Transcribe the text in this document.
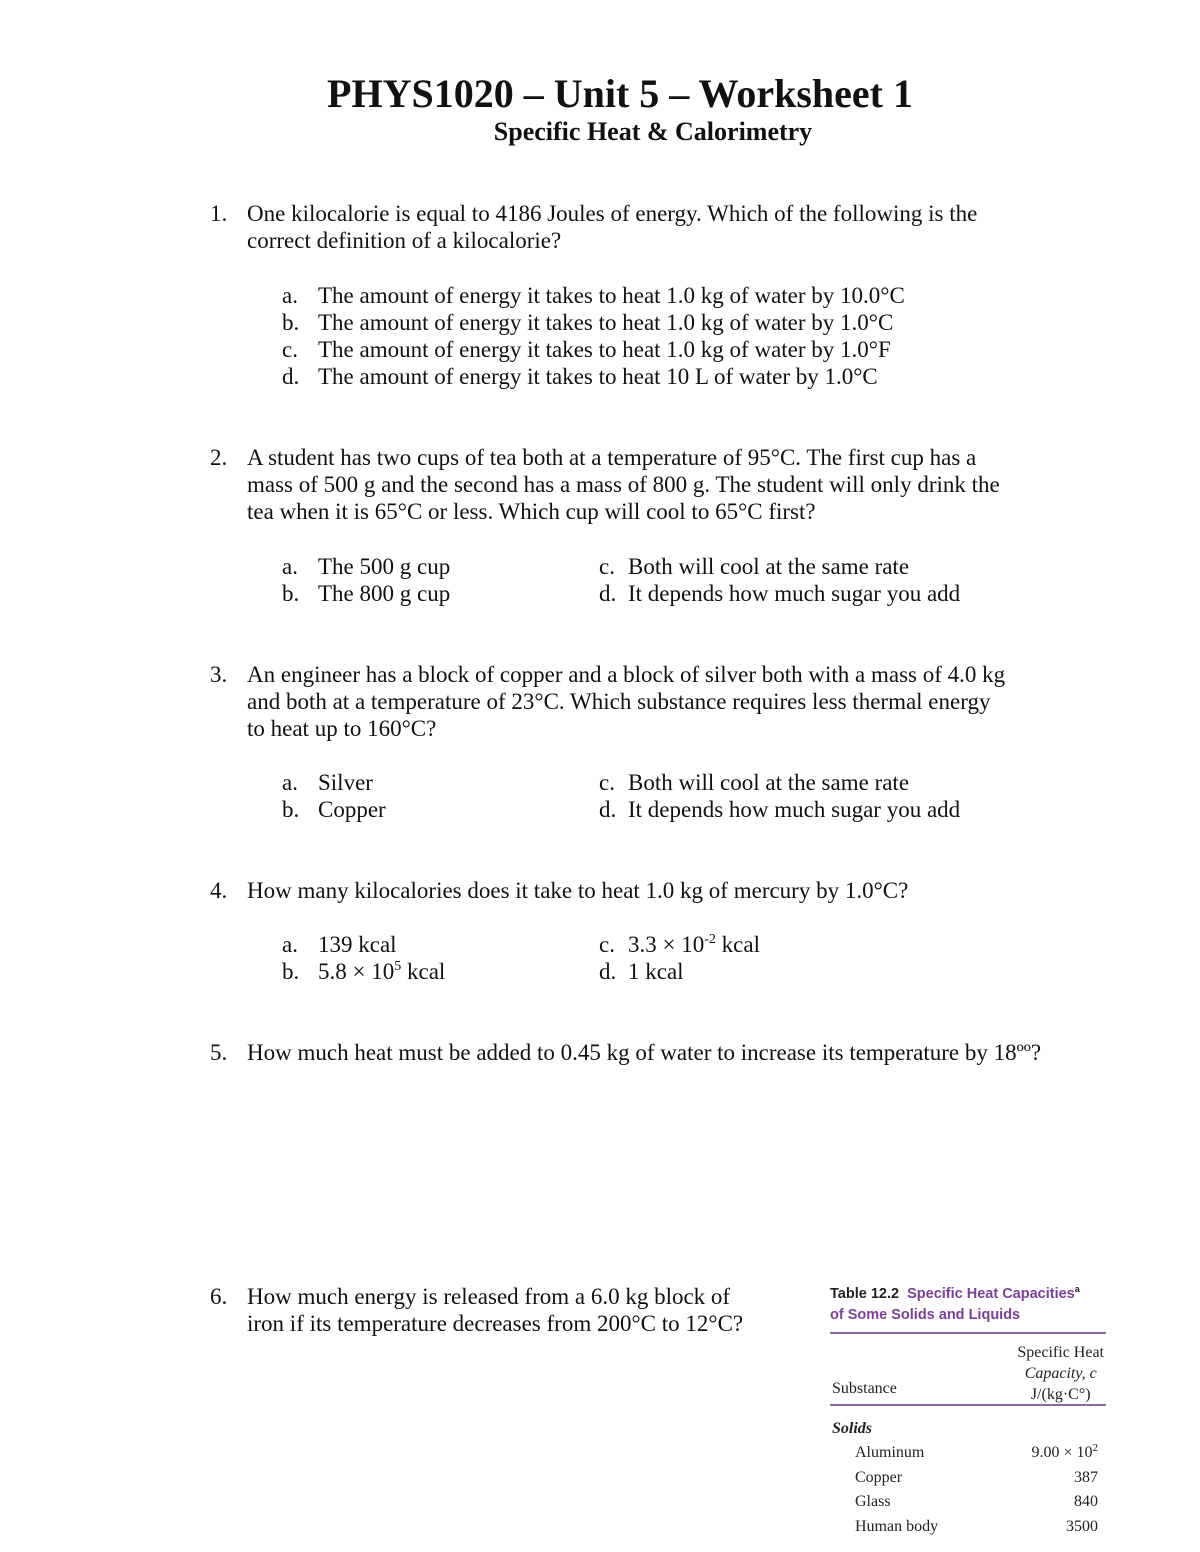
PHYS1020 – Unit 5 – Worksheet 1
Specific Heat & Calorimetry
1. One kilocalorie is equal to 4186 Joules of energy. Which of the following is the
correct definition of a kilocalorie?
a. The amount of energy it takes to heat 1.0 kg of water by 10.0°C
b. The amount of energy it takes to heat 1.0 kg of water by 1.0°C
c. The amount of energy it takes to heat 1.0 kg of water by 1.0°F
d. The amount of energy it takes to heat 10 L of water by 1.0°C
2. A student has two cups of tea both at a temperature of 95°C. The first cup has a
mass of 500 g and the second has a mass of 800 g. The student will only drink the
tea when it is 65°C or less. Which cup will cool to 65°C first?
a. The 500 g cup
b. The 800 g cup
c. Both will cool at the same rate
d. It depends how much sugar you add
3. An engineer has a block of copper and a block of silver both with a mass of 4.0 kg
and both at a temperature of 23°C. Which substance requires less thermal energy
to heat up to 160°C?
a. Silver
b. Copper
c. Both will cool at the same rate
d. It depends how much sugar you add
4. How many kilocalories does it take to heat 1.0 kg of mercury by 1.0°C?
a. 139 kcal
b. $5.8 \times 10^5$ kcal
c. $3.3 \times 10^{-2}$ kcal
d. 1 kcal
5. How much heat must be added to 0.45 kg of water to increase its temperature by 18ºº?
6. How much energy is released from a 6.0 kg block of
iron if its temperature decreases from 200°C to 12°C?
Table 12.2 Specific Heat Capacities$^a$
of Some Solids and Liquids
Substance
Specific Heat
Capacity, c
J/(kg·C°)
Solids
Aluminum	$9.00 \times 10^2$
Copper	387
Glass	840
Human body	3500
